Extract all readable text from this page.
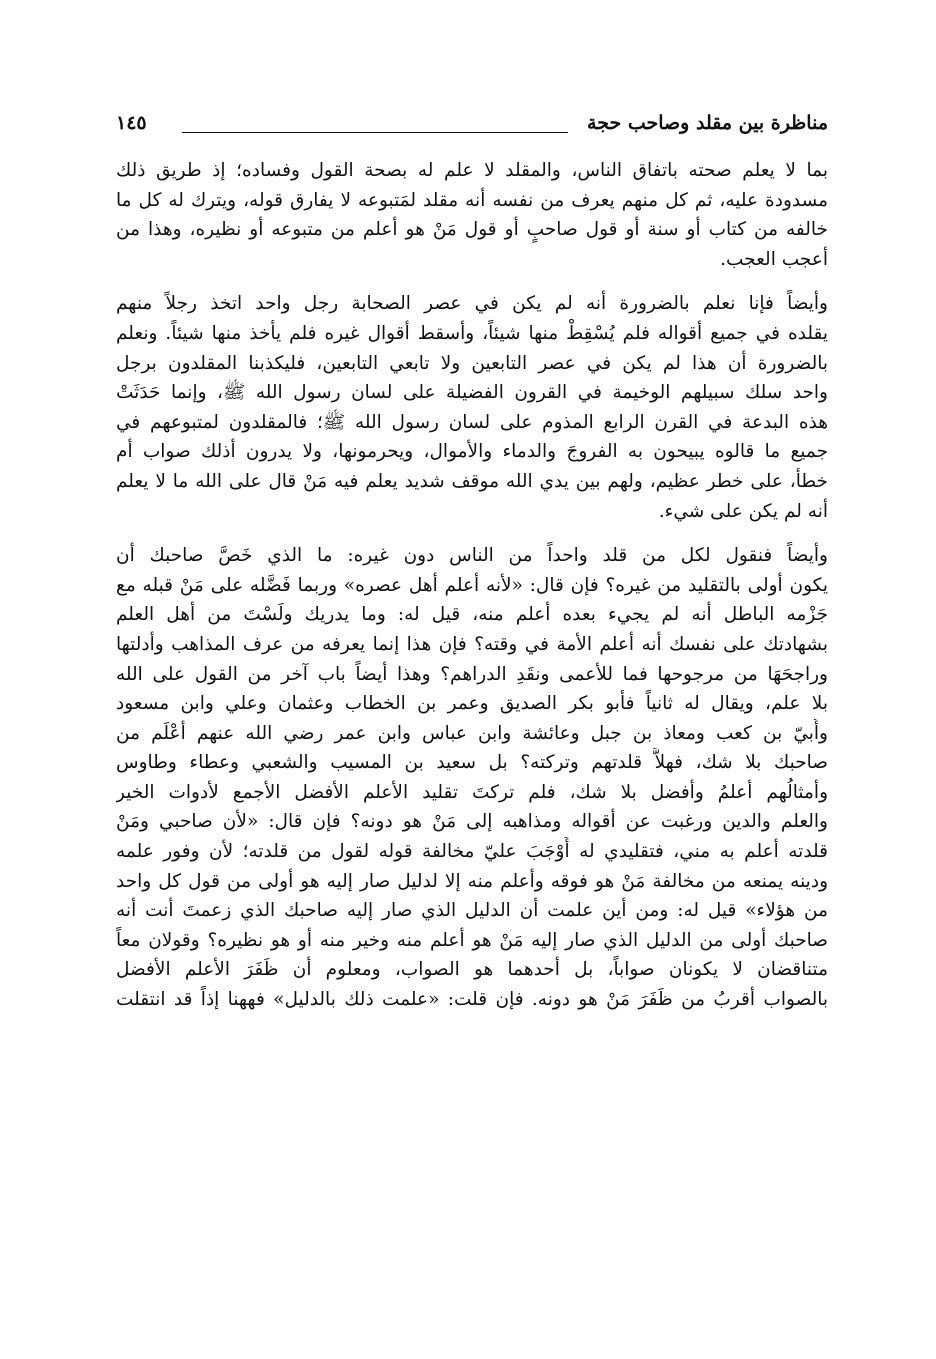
مناظرة بين مقلد وصاحب حجة
١٤٥
بما لا يعلم صحته باتفاق الناس، والمقلد لا علم له بصحة القول وفساده؛ إذ طريق ذلك
مسدودة عليه، ثم كل منهم يعرف من نفسه أنه مقلد لمَتبوعه لا يفارق قوله، ويترك له كل ما
خالفه من كتاب أو سنة أو قول صاحبٍ أو قول مَنْ هو أعلم من متبوعه أو نظيره، وهذا من
أعجب العجب.
وأيضاً فإنا نعلم بالضرورة أنه لم يكن في عصر الصحابة رجل واحد اتخذ رجلاً منهم
يقلده في جميع أقواله فلم يُسْقِطْ منها شيئاً، وأسقط أقوال غيره فلم يأخذ منها شيئاً. ونعلم
بالضرورة أن هذا لم يكن في عصر التابعين ولا تابعي التابعين، فليكذبنا المقلدون برجل
واحد سلك سبيلهم الوخيمة في القرون الفضيلة على لسان رسول الله ﷺ، وإنما حَدَثَتْ
هذه البدعة في القرن الرابع المذوم على لسان رسول الله ﷺ؛ فالمقلدون لمتبوعهم في
جميع ما قالوه يبيحون به الفروجَ والدماء والأموال، ويحرمونها، ولا يدرون أذلك صواب أم
خطأ، على خطر عظيم، ولهم بين يدي الله موقف شديد يعلم فيه مَنْ قال على الله ما لا يعلم
أنه لم يكن على شيء.
وأيضاً فنقول لكل من قلد واحداً من الناس دون غيره: ما الذي خَصَّ صاحبك أن
يكون أولى بالتقليد من غيره؟ فإن قال: «لأنه أعلم أهل عصره» وربما فَضَّله على مَنْ قبله مع
جَزْمه الباطل أنه لم يجيء بعده أعلم منه، قيل له: وما يدريك ولَسْتَ من أهل العلم
بشهادتك على نفسك أنه أعلم الأمة في وقته؟ فإن هذا إنما يعرفه من عرف المذاهب وأدلتها
وراجحَهَا من مرجوحها فما للأعمى ونقَدِ الدراهم؟ وهذا أيضاً باب آخر من القول على الله
بلا علم، ويقال له ثانياً فأبو بكر الصديق وعمر بن الخطاب وعثمان وعلي وابن مسعود
وأُبيّ بن كعب ومعاذ بن جبل وعائشة وابن عباس وابن عمر رضي الله عنهم أعْلَم من
صاحبك بلا شك، فهلاَّ قلدتهم وتركته؟ بل سعيد بن المسيب والشعبي وعطاء وطاوس
وأمثالُهم أعلمُ وأفضل بلا شك، فلم تركتَ تقليد الأعلم الأفضل الأجمع لأدوات الخير
والعلم والدين ورغبت عن أقواله ومذاهبه إلى مَنْ هو دونه؟ فإن قال: «لأن صاحبي ومَنْ
قلدته أعلم به مني، فتقليدي له أَوْجَبَ عليّ مخالفة قوله لقول من قلدته؛ لأن وفور علمه
ودينه يمنعه من مخالفة مَنْ هو فوقه وأعلم منه إلا لدليل صار إليه هو أولى من قول كل واحد
من هؤلاء» قيل له: ومن أين علمت أن الدليل الذي صار إليه صاحبك الذي زعمتَ أنت أنه
صاحبك أولى من الدليل الذي صار إليه مَنْ هو أعلم منه وخير منه أو هو نظيره؟ وقولان معاً
متناقضان لا يكونان صواباً، بل أحدهما هو الصواب، ومعلوم أن ظَفَرَ الأعلم الأفضل
بالصواب أقربُ من ظَفَرَ مَنْ هو دونه. فإن قلت: «علمت ذلك بالدليل» فههنا إذاً قد انتقلت
